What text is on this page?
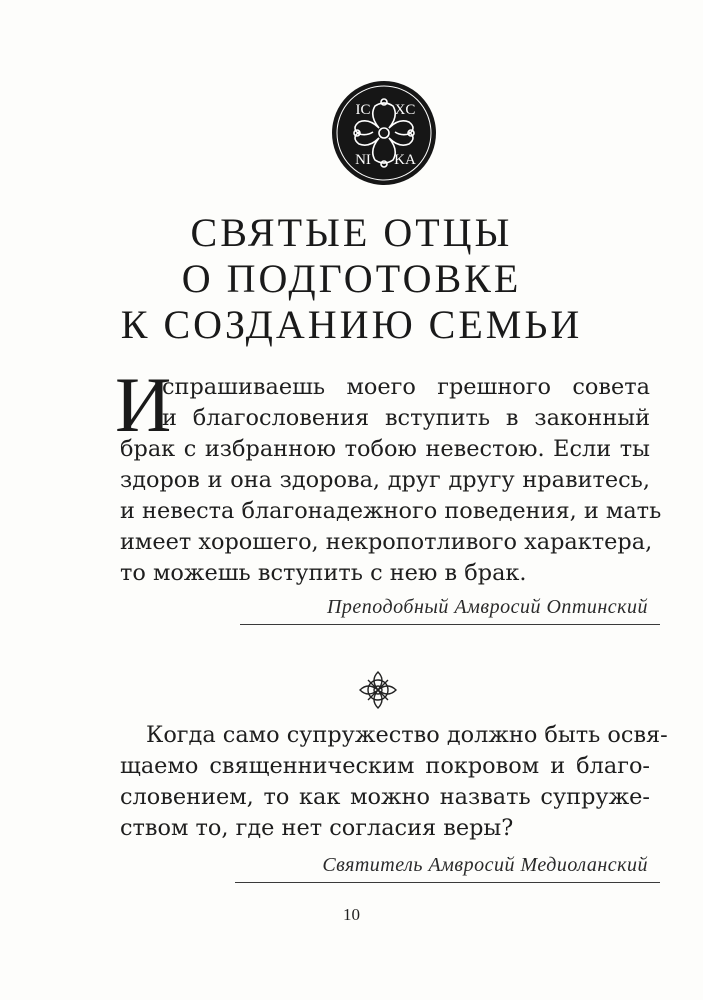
IC XC
NI KA
СВЯТЫЕ ОТЦЫ
О ПОДГОТОВКЕ
К СОЗДАНИЮ СЕМЬИ
И
спрашиваешь моего грешного совета
и благословения вступить в законный
брак с избранною тобою невестою. Если ты
здоров и она здорова, друг другу нравитесь,
и невеста благонадежного поведения, и мать
имеет хорошего, некропотливого характера,
то можешь вступить с нею в брак.
Преподобный Амвросий Оптинский
Когда само супружество должно быть освя-
щаемо священническим покровом и благо-
словением, то как можно назвать супруже-
ством то, где нет согласия веры?
Святитель Амвросий Медиоланский
10
